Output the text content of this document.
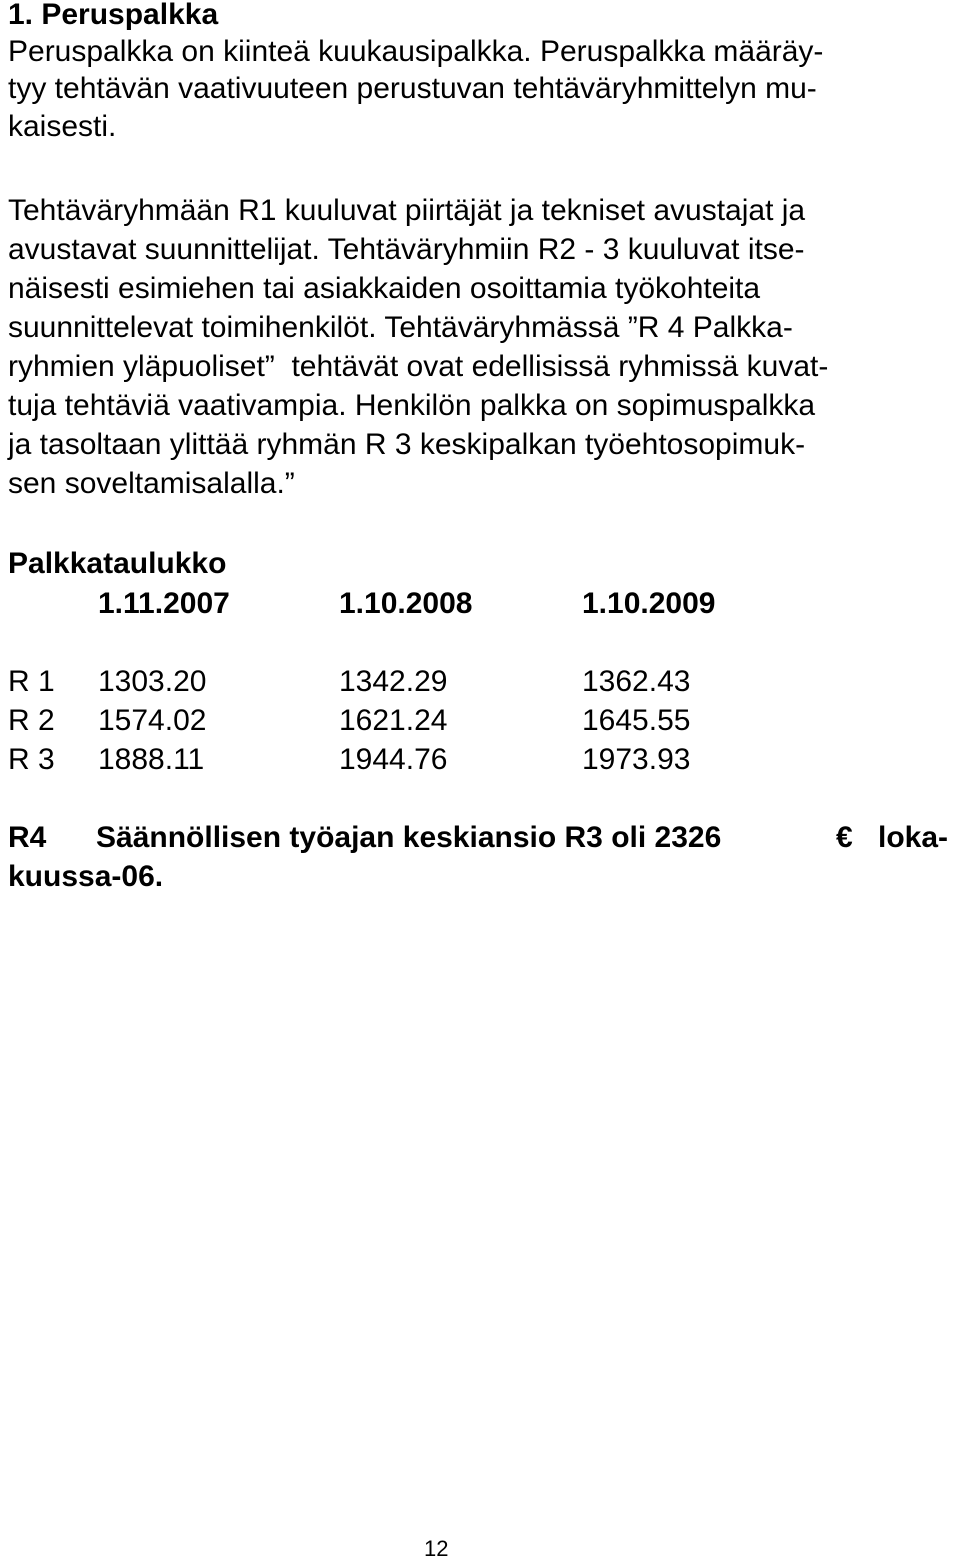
1. Peruspalkka
Peruspalkka on kiinteä kuukausipalkka. Peruspalkka määräy-
tyy tehtävän vaativuuteen perustuvan tehtäväryhmittelyn mu-
kaisesti.
Tehtäväryhmään R1 kuuluvat piirtäjät ja tekniset avustajat ja
avustavat suunnittelijat. Tehtäväryhmiin R2 - 3 kuuluvat itse-
näisesti esimiehen tai asiakkaiden osoittamia työkohteita
suunnittelevat toimihenkilöt. Tehtäväryhmässä ”R 4 Palkka-
ryhmien yläpuoliset”  tehtävät ovat edellisissä ryhmissä kuvat-
tuja tehtäviä vaativampia. Henkilön palkka on sopimuspalkka
ja tasoltaan ylittää ryhmän R 3 keskipalkan työehtosopimuk-
sen soveltamisalalla.”
Palkkataulukko
1.11.2007	1.10.2008	1.10.2009
R 1 1303.20	1342.29	1362.43
R 2 1574.02	1621.24	1645.55
R 3 1888.11	1944.76	1973.93
R4 Säännöllisen työajan keskiansio R3 oli 2326	€ loka-
kuussa-06.
12
